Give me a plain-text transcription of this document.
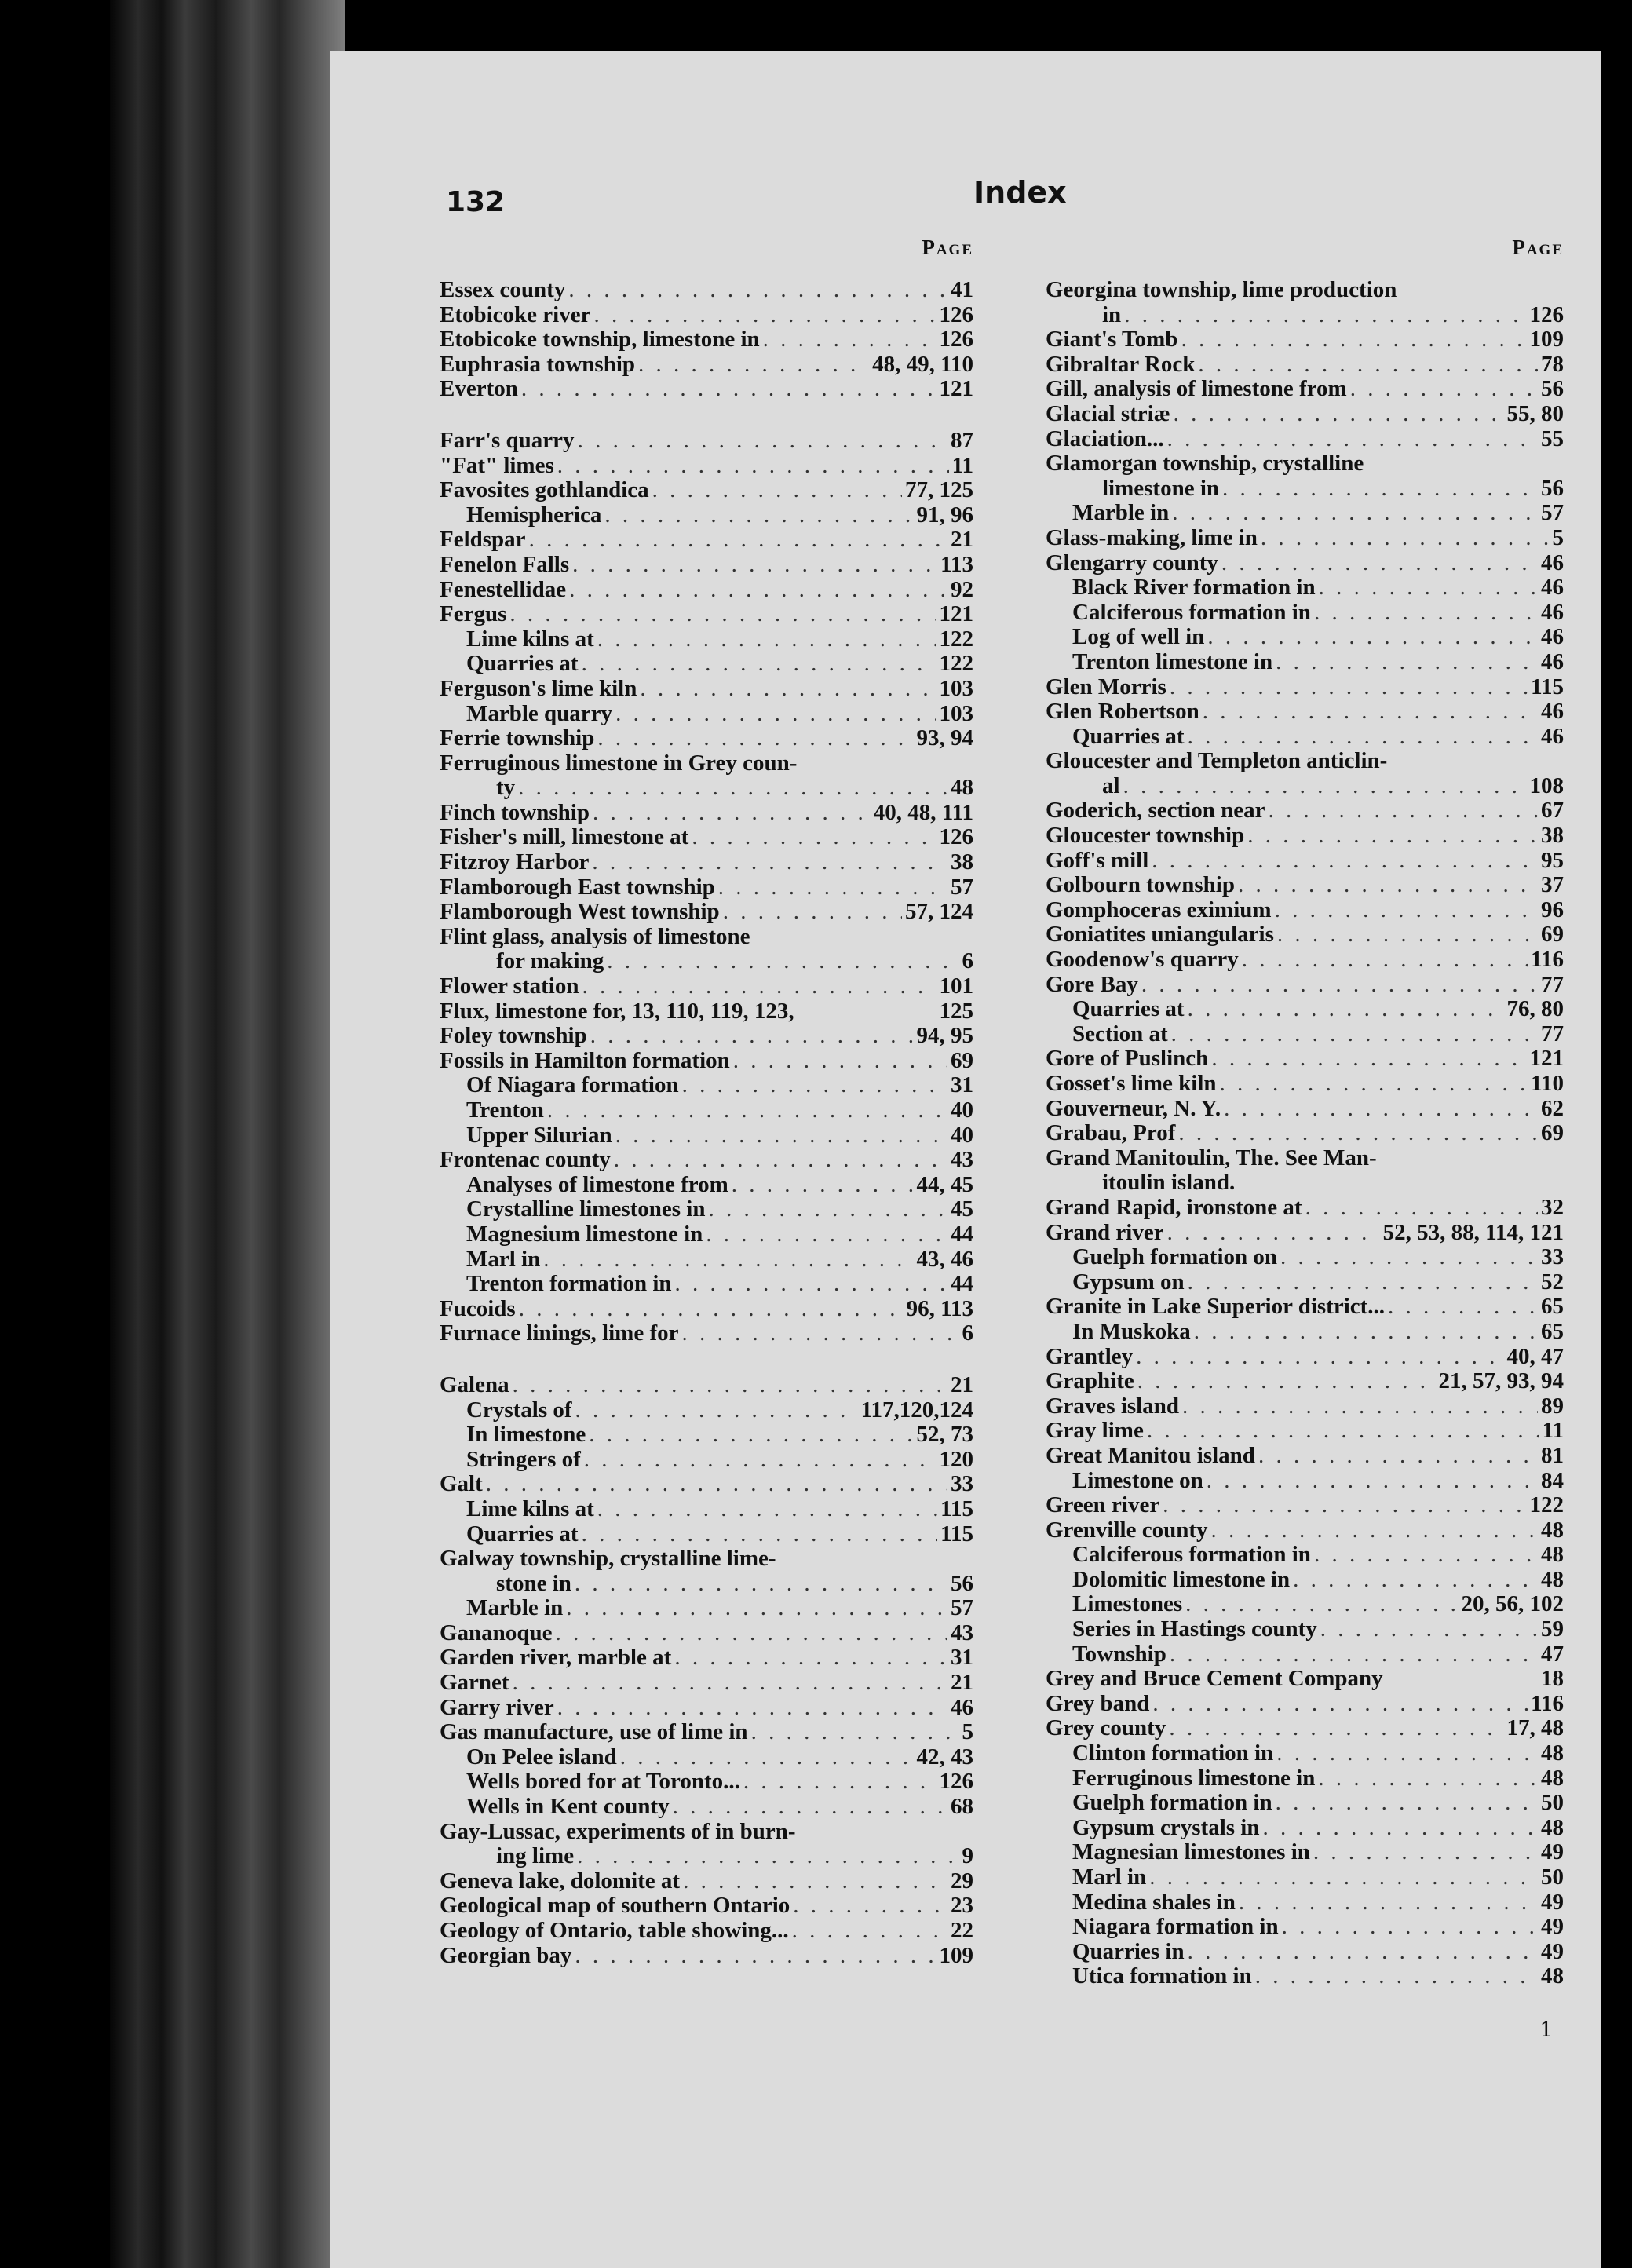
132	Index
Page
Essex county . . .	41
Etobicoke river . . .	126
Etobicoke township, limestone in . . .	126
Euphrasia township . . .	48, 49, 110
Everton . . .	121
Farr's quarry . . .	87
"Fat" limes . . .	11
Favosites gothlandica . . .	77, 125
Hemispherica . . .	91, 96
Feldspar . . .	21
Fenelon Falls . . .	113
Fenestellidae . . .	92
Fergus . . .	121
Lime kilns at . . .	122
Quarries at . . .	122
Ferguson's lime kiln . . .	103
Marble quarry . . .	103
Ferrie township . . .	93, 94
Ferruginous limestone in Grey coun-
ty . . .	48
Finch township . . .	40, 48, 111
Fisher's mill, limestone at . . .	126
Fitzroy Harbor . . .	38
Flamborough East township . . .	57
Flamborough West township . . .	57, 124
Flint glass, analysis of limestone
for making . . .	6
Flower station . . .	101
Flux, limestone for, 13, 110, 119, 123,	125
Foley township . . .	94, 95
Fossils in Hamilton formation . . .	69
Of Niagara formation . . .	31
Trenton . . .	40
Upper Silurian . . .	40
Frontenac county . . .	43
Analyses of limestone from . . .	44, 45
Crystalline limestones in . . .	45
Magnesium limestone in . . .	44
Marl in . . .	43, 46
Trenton formation in . . .	44
Fucoids . . .	96, 113
Furnace linings, lime for . . .	6
Galena . . .	21
Crystals of . . .	117,120,124
In limestone . . .	52, 73
Stringers of . . .	120
Galt . . .	33
Lime kilns at . . .	115
Quarries at . . .	115
Galway township, crystalline lime-
stone in . . .	56
Marble in . . .	57
Gananoque . . .	43
Garden river, marble at . . .	31
Garnet . . .	21
Garry river . . .	46
Gas manufacture, use of lime in . . .	5
On Pelee island . . .	42, 43
Wells bored for at Toronto... . . .	126
Wells in Kent county . . .	68
Gay-Lussac, experiments of in burn-
ing lime . . .	9
Geneva lake, dolomite at . . .	29
Geological map of southern Ontario . . .	23
Geology of Ontario, table showing... . . .	22
Georgian bay . . .	109
Page
Georgina township, lime production
in . . .	126
Giant's Tomb . . .	109
Gibraltar Rock . . .	78
Gill, analysis of limestone from . . .	56
Glacial striæ . . .	55, 80
Glaciation... . . .	55
Glamorgan township, crystalline
limestone in . . .	56
Marble in . . .	57
Glass-making, lime in . . .	5
Glengarry county . . .	46
Black River formation in . . .	46
Calciferous formation in . . .	46
Log of well in . . .	46
Trenton limestone in . . .	46
Glen Morris . . .	115
Glen Robertson . . .	46
Quarries at . . .	46
Gloucester and Templeton anticlin-
al . . .	108
Goderich, section near . . .	67
Gloucester township . . .	38
Goff's mill . . .	95
Golbourn township . . .	37
Gomphoceras eximium . . .	96
Goniatites uniangularis . . .	69
Goodenow's quarry . . .	116
Gore Bay . . .	77
Quarries at . . .	76, 80
Section at . . .	77
Gore of Puslinch . . .	121
Gosset's lime kiln . . .	110
Gouverneur, N. Y. . . .	62
Grabau, Prof . . .	69
Grand Manitoulin, The. See Man-
itoulin island.
Grand Rapid, ironstone at . . .	32
Grand river . . .	52, 53, 88, 114, 121
Guelph formation on . . .	33
Gypsum on . . .	52
Granite in Lake Superior district... . . .	65
In Muskoka . . .	65
Grantley . . .	40, 47
Graphite . . .	21, 57, 93, 94
Graves island . . .	89
Gray lime . . .	11
Great Manitou island . . .	81
Limestone on . . .	84
Green river . . .	122
Grenville county . . .	48
Calciferous formation in . . .	48
Dolomitic limestone in . . .	48
Limestones . . .	20, 56, 102
Series in Hastings county . . .	59
Township . . .	47
Grey and Bruce Cement Company	18
Grey band . . .	116
Grey county . . .	17, 48
Clinton formation in . . .	48
Ferruginous limestone in . . .	48
Guelph formation in . . .	50
Gypsum crystals in . . .	48
Magnesian limestones in . . .	49
Marl in . . .	50
Medina shales in . . .	49
Niagara formation in . . .	49
Quarries in . . .	49
Utica formation in . . .	48
1
